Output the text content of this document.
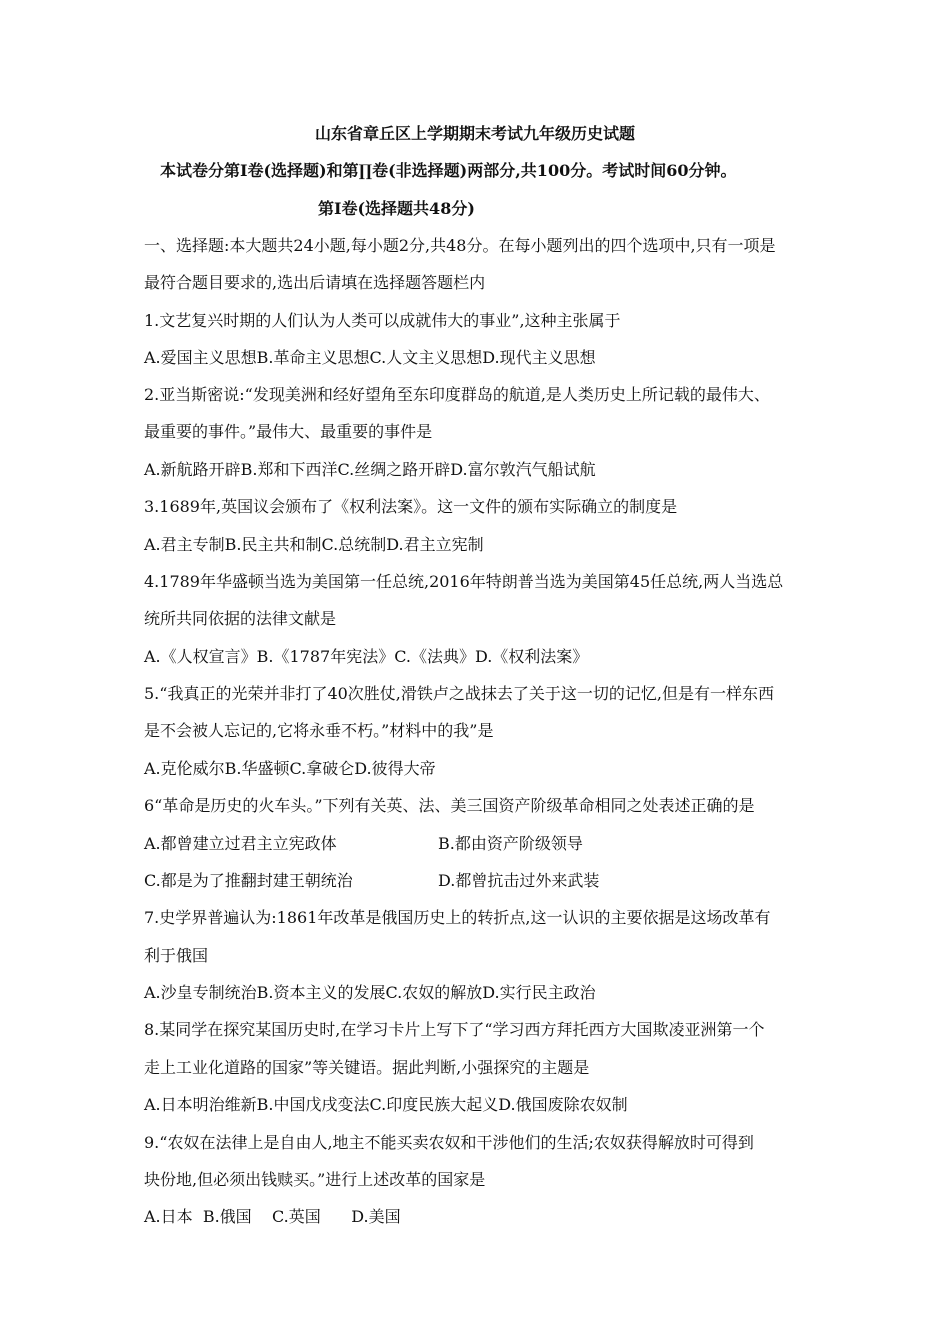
山东省章丘区上学期期末考试九年级历史试题
本试卷分第Ⅰ卷(选择题)和第∏卷(非选择题)两部分,共100分。考试时间60分钟。
第Ⅰ卷(选择题共48分)
一、选择题:本大题共24小题,每小题2分,共48分。在每小题列出的四个选项中,只有一项是
最符合题目要求的,选出后请填在选择题答题栏内
1.文艺复兴时期的人们认为人类可以成就伟大的事业”,这种主张属于
A.爱国主义思想B.革命主义思想C.人文主义思想D.现代主义思想
2.亚当斯密说:“发现美洲和经好望角至东印度群岛的航道,是人类历史上所记载的最伟大、
最重要的事件。”最伟大、最重要的事件是
A.新航路开辟B.郑和下西洋C.丝绸之路开辟D.富尔敦汽气船试航
3.1689年,英国议会颁布了《权利法案》。这一文件的颁布实际确立的制度是
A.君主专制B.民主共和制C.总统制D.君主立宪制
4.1789年华盛顿当选为美国第一任总统,2016年特朗普当选为美国第45任总统,两人当选总
统所共同依据的法律文献是
A.《人权宣言》B.《1787年宪法》C.《法典》D.《权利法案》
5.“我真正的光荣并非打了40次胜仗,滑铁卢之战抹去了关于这一切的记忆,但是有一样东西
是不会被人忘记的,它将永垂不朽。”材料中的我”是
A.克伦威尔B.华盛顿C.拿破仑D.彼得大帝
6“革命是历史的火车头。”下列有关英、法、美三国资产阶级革命相同之处表述正确的是
A.都曾建立过君主立宪政体	B.都由资产阶级领导
C.都是为了推翻封建王朝统治	D.都曾抗击过外来武装
7.史学界普遍认为:1861年改革是俄国历史上的转折点,这一认识的主要依据是这场改革有
利于俄国
A.沙皇专制统治B.资本主义的发展C.农奴的解放D.实行民主政治
8.某同学在探究某国历史时,在学习卡片上写下了“学习西方拜托西方大国欺凌亚洲第一个
走上工业化道路的国家”等关键语。据此判断,小强探究的主题是
A.日本明治维新B.中国戊戌变法C.印度民族大起义D.俄国废除农奴制
9.“农奴在法律上是自由人,地主不能买卖农奴和干涉他们的生活;农奴获得解放时可得到
块份地,但必须出钱赎买。”进行上述改革的国家是
A.日本  B.俄国    C.英国      D.美国
